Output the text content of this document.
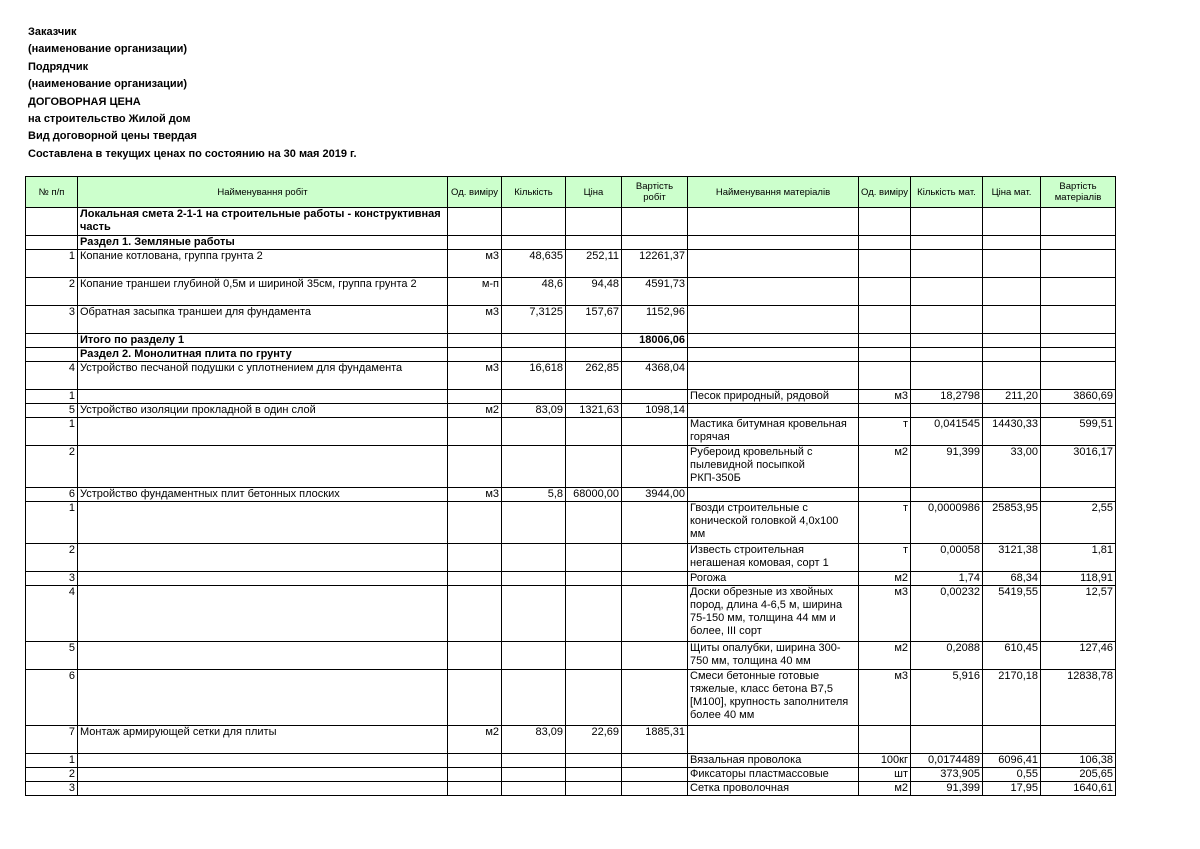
Заказчик
(наименование организации)
Подрядчик
(наименование организации)
ДОГОВОРНАЯ ЦЕНА
на строительство Жилой дом
Вид договорной цены твердая
Составлена в текущих ценах по состоянию на 30 мая 2019 г.
№ п/п	Найменування робіт	Од. виміру	Кількість	Ціна	Вартість робіт	Найменування матеріалів	Од. виміру	Кількість мат.	Ціна мат.	Вартість матеріалів
	Локальная смета 2-1-1 на строительные работы - конструктивная часть									
	Раздел 1. Земляные работы									
1	Копание котлована, группа грунта 2	м3	48,635	252,11	12261,37					
2	Копание траншеи глубиной 0,5м и шириной 35см, группа грунта 2	м-п	48,6	94,48	4591,73					
3	Обратная засыпка траншеи для фундамента	м3	7,3125	157,67	1152,96					
	Итого по разделу 1				18006,06					
	Раздел 2. Монолитная плита по грунту									
4	Устройство песчаной подушки с уплотнением для фундамента	м3	16,618	262,85	4368,04					
1						Песок природный, рядовой	м3	18,2798	211,20	3860,69
5	Устройство изоляции прокладной в один слой	м2	83,09	1321,63	1098,14					
1						Мастика битумная кровельная горячая	т	0,041545	14430,33	599,51
2						Рубероид кровельный с пылевидной посыпкой РКП-350Б	м2	91,399	33,00	3016,17
6	Устройство фундаментных плит бетонных плоских	м3	5,8	68000,00	3944,00					
1						Гвозди строительные с конической головкой 4,0х100 мм	т	0,0000986	25853,95	2,55
2						Известь строительная негашеная комовая, сорт 1	т	0,00058	3121,38	1,81
3						Рогожа	м2	1,74	68,34	118,91
4						Доски обрезные из хвойных пород, длина 4-6,5 м, ширина 75-150 мм, толщина 44 мм и более, III сорт	м3	0,00232	5419,55	12,57
5						Щиты опалубки, ширина 300-750 мм, толщина 40 мм	м2	0,2088	610,45	127,46
6						Смеси бетонные готовые тяжелые, класс бетона В7,5 [М100], крупность заполнителя более 40 мм	м3	5,916	2170,18	12838,78
7	Монтаж армирующей сетки для плиты	м2	83,09	22,69	1885,31					
1						Вязальная проволока	100кг	0,0174489	6096,41	106,38
2						Фиксаторы пластмассовые	шт	373,905	0,55	205,65
3						Сетка проволочная	м2	91,399	17,95	1640,61
